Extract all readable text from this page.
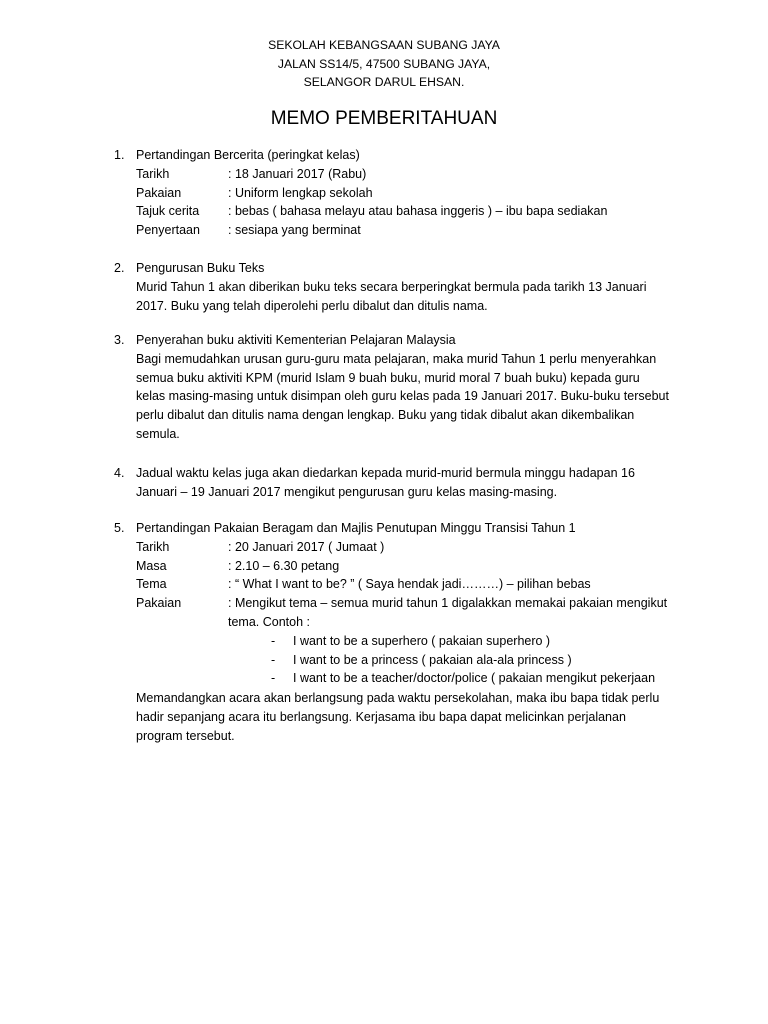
SEKOLAH KEBANGSAAN SUBANG JAYA
JALAN SS14/5, 47500 SUBANG JAYA,
SELANGOR DARUL EHSAN.
MEMO PEMBERITAHUAN
1. Pertandingan Bercerita (peringkat kelas)
Tarikh	: 18 Januari 2017 (Rabu)
Pakaian	: Uniform lengkap sekolah
Tajuk cerita	: bebas ( bahasa melayu atau bahasa inggeris ) – ibu bapa sediakan
Penyertaan	: sesiapa yang berminat
2. Pengurusan Buku Teks
Murid Tahun 1 akan diberikan buku teks secara berperingkat bermula pada tarikh 13 Januari
2017. Buku yang telah diperolehi perlu dibalut dan ditulis nama.
3. Penyerahan buku aktiviti Kementerian Pelajaran Malaysia
Bagi memudahkan urusan guru-guru mata pelajaran, maka murid Tahun 1 perlu menyerahkan
semua buku aktiviti KPM (murid Islam 9 buah buku, murid moral 7 buah buku) kepada guru
kelas masing-masing untuk disimpan oleh guru kelas pada 19 Januari 2017. Buku-buku tersebut
perlu dibalut dan ditulis nama dengan lengkap. Buku yang tidak dibalut akan dikembalikan
semula.
4. Jadual waktu kelas juga akan diedarkan kepada murid-murid bermula minggu hadapan 16
Januari – 19 Januari 2017 mengikut pengurusan guru kelas masing-masing.
5. Pertandingan Pakaian Beragam dan Majlis Penutupan Minggu Transisi Tahun 1
Tarikh	: 20 Januari 2017 ( Jumaat )
Masa	: 2.10 – 6.30 petang
Tema	: “ What I want to be? ” ( Saya hendak jadi………) – pilihan bebas
Pakaian	: Mengikut tema – semua murid tahun 1 digalakkan memakai pakaian mengikut
tema. Contoh :
-	I want to be a superhero ( pakaian superhero )
-	I want to be a princess ( pakaian ala-ala princess )
-	I want to be a teacher/doctor/police ( pakaian mengikut pekerjaan
Memandangkan acara akan berlangsung pada waktu persekolahan, maka ibu bapa tidak perlu
hadir sepanjang acara itu berlangsung. Kerjasama ibu bapa dapat melicinkan perjalanan
program tersebut.
